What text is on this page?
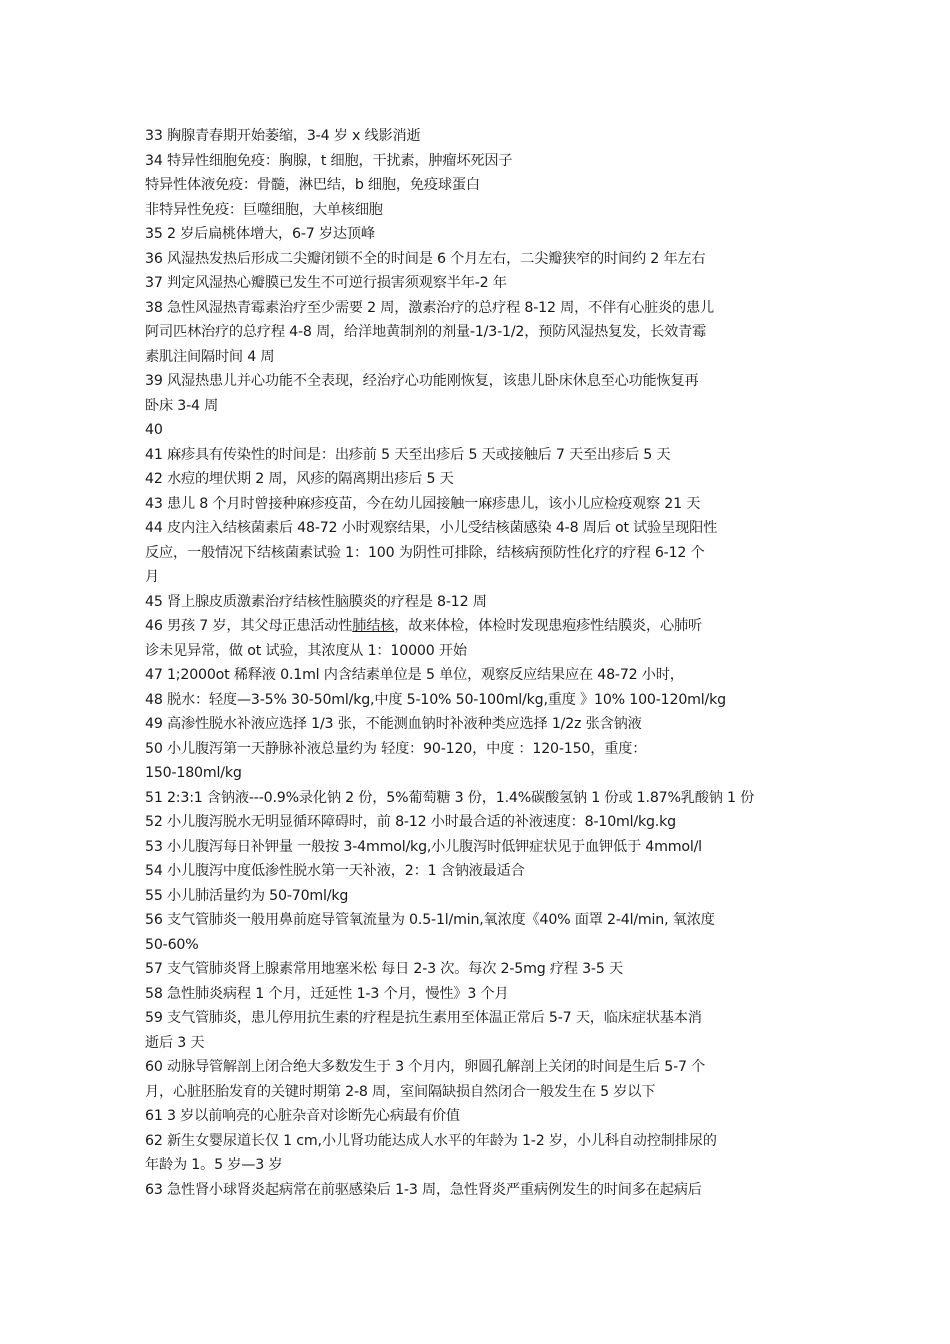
33 胸腺青春期开始萎缩，3-4 岁 x 线影消逝
34 特异性细胞免疫：胸腺，t 细胞，干扰素，肿瘤坏死因子
特异性体液免疫：骨髓，淋巴结，b 细胞，免疫球蛋白
非特异性免疫：巨噬细胞，大单核细胞
35 2 岁后扁桃体增大，6-7 岁达顶峰
36 风湿热发热后形成二尖瓣闭锁不全的时间是 6 个月左右，二尖瓣狭窄的时间约 2 年左右
37 判定风湿热心瓣膜已发生不可逆行损害须观察半年-2 年
38 急性风湿热青霉素治疗至少需要 2 周，激素治疗的总疗程 8-12 周，不伴有心脏炎的患儿
阿司匹林治疗的总疗程 4-8 周，给洋地黄制剂的剂量-1/3-1/2，预防风湿热复发，长效青霉
素肌注间隔时间 4 周
39 风湿热患儿并心功能不全表现，经治疗心功能刚恢复，该患儿卧床休息至心功能恢复再
卧床 3-4 周
40
41 麻疹具有传染性的时间是：出疹前 5 天至出疹后 5 天或接触后 7 天至出疹后 5 天
42 水痘的埋伏期 2 周，风疹的隔离期出疹后 5 天
43 患儿 8 个月时曾接种麻疹疫苗，今在幼儿园接触一麻疹患儿，该小儿应检疫观察 21 天
44 皮内注入结核菌素后 48-72 小时观察结果，小儿受结核菌感染 4-8 周后 ot 试验呈现阳性
反应，一般情况下结核菌素试验 1：100 为阴性可排除，结核病预防性化疗的疗程 6-12 个
月
45 肾上腺皮质激素治疗结核性脑膜炎的疗程是 8-12 周
46 男孩 7 岁，其父母正患活动性肺结核，故来体检，体检时发现患疱疹性结膜炎，心肺听
诊未见异常，做 ot 试验，其浓度从 1：10000 开始
47 1;2000ot 稀释液 0.1ml 内含结素单位是 5 单位，观察反应结果应在 48-72 小时，
48 脱水：轻度—3-5% 30-50ml/kg,中度 5-10% 50-100ml/kg,重度 》10% 100-120ml/kg
49 高渗性脱水补液应选择 1/3 张，不能测血钠时补液种类应选择 1/2z 张含钠液
50 小儿腹泻第一天静脉补液总量约为 轻度：90-120，中度 ：120-150，重度：
150-180ml/kg
51 2:3:1 含钠液---0.9%录化钠 2 份，5%葡萄糖 3 份，1.4%碳酸氢钠 1 份或 1.87%乳酸钠 1 份
52 小儿腹泻脱水无明显循环障碍时，前 8-12 小时最合适的补液速度：8-10ml/kg.kg
53 小儿腹泻每日补钾量 一般按 3-4mmol/kg,小儿腹泻时低钾症状见于血钾低于 4mmol/l
54 小儿腹泻中度低渗性脱水第一天补液，2：1 含钠液最适合
55 小儿肺活量约为 50-70ml/kg
56 支气管肺炎一般用鼻前庭导管氧流量为 0.5-1l/min,氧浓度《40% 面罩 2-4l/min, 氧浓度
50-60%
57 支气管肺炎肾上腺素常用地塞米松 每日 2-3 次。每次 2-5mg 疗程 3-5 天
58 急性肺炎病程 1 个月，迁延性 1-3 个月，慢性》3 个月
59 支气管肺炎，患儿停用抗生素的疗程是抗生素用至体温正常后 5-7 天，临床症状基本消
逝后 3 天
60 动脉导管解剖上闭合绝大多数发生于 3 个月内，卵圆孔解剖上关闭的时间是生后 5-7 个
月，心脏胚胎发育的关键时期第 2-8 周，室间隔缺损自然闭合一般发生在 5 岁以下
61 3 岁以前响亮的心脏杂音对诊断先心病最有价值
62 新生女婴尿道长仅 1 cm,小儿肾功能达成人水平的年龄为 1-2 岁，小儿科自动控制排尿的
年龄为 1。5 岁—3 岁
63 急性肾小球肾炎起病常在前驱感染后 1-3 周，急性肾炎严重病例发生的时间多在起病后
